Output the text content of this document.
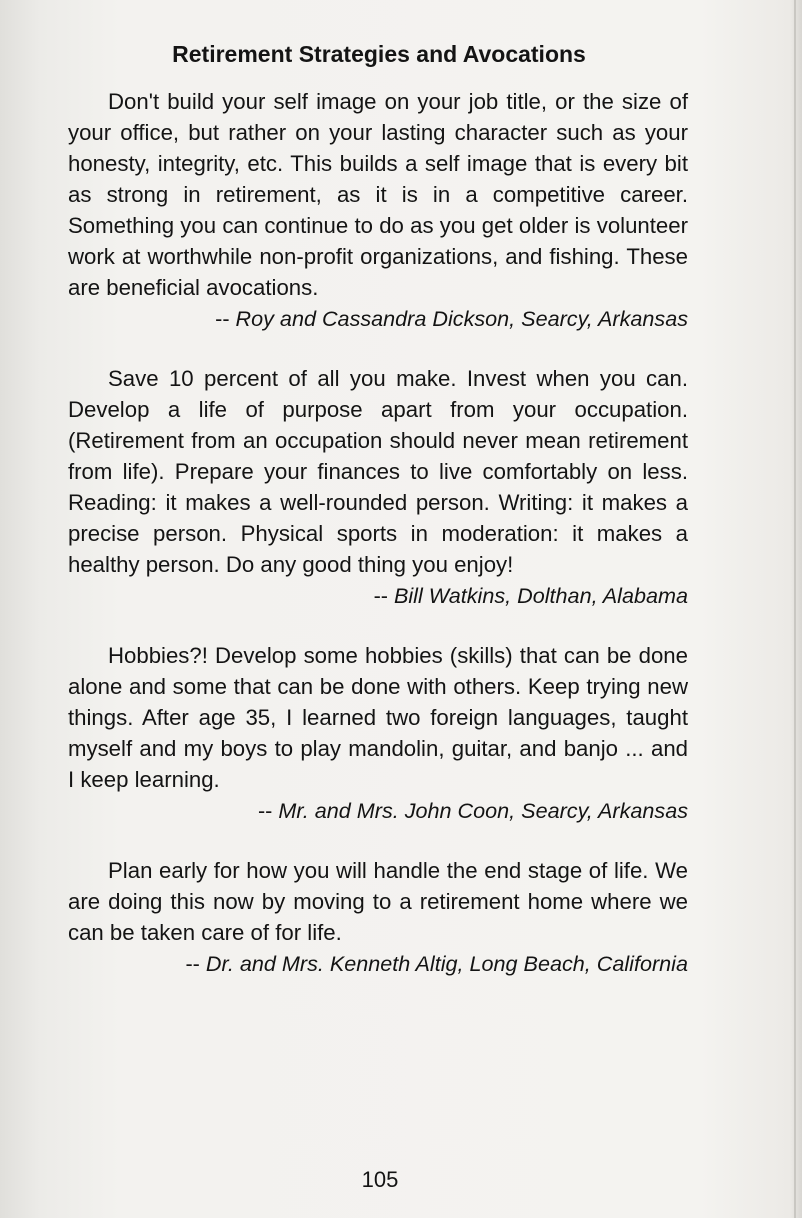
Retirement Strategies and Avocations

Don't build your self image on your job title, or the size of your office, but rather on your lasting character such as your honesty, integrity, etc. This builds a self image that is every bit as strong in retirement, as it is in a competitive career. Something you can continue to do as you get older is volunteer work at worthwhile non-profit organizations, and fishing. These are beneficial avocations.

-- Roy and Cassandra Dickson, Searcy, Arkansas

Save 10 percent of all you make. Invest when you can. Develop a life of purpose apart from your occupation. (Retirement from an occupation should never mean retirement from life). Prepare your finances to live comfortably on less. Reading: it makes a well-rounded person. Writing: it makes a precise person. Physical sports in moderation: it makes a healthy person. Do any good thing you enjoy!

-- Bill Watkins, Dolthan, Alabama

Hobbies?! Develop some hobbies (skills) that can be done alone and some that can be done with others. Keep trying new things. After age 35, I learned two foreign languages, taught myself and my boys to play mandolin, guitar, and banjo ... and I keep learning.

-- Mr. and Mrs. John Coon, Searcy, Arkansas

Plan early for how you will handle the end stage of life. We are doing this now by moving to a retirement home where we can be taken care of for life.

-- Dr. and Mrs. Kenneth Altig, Long Beach, California
105
